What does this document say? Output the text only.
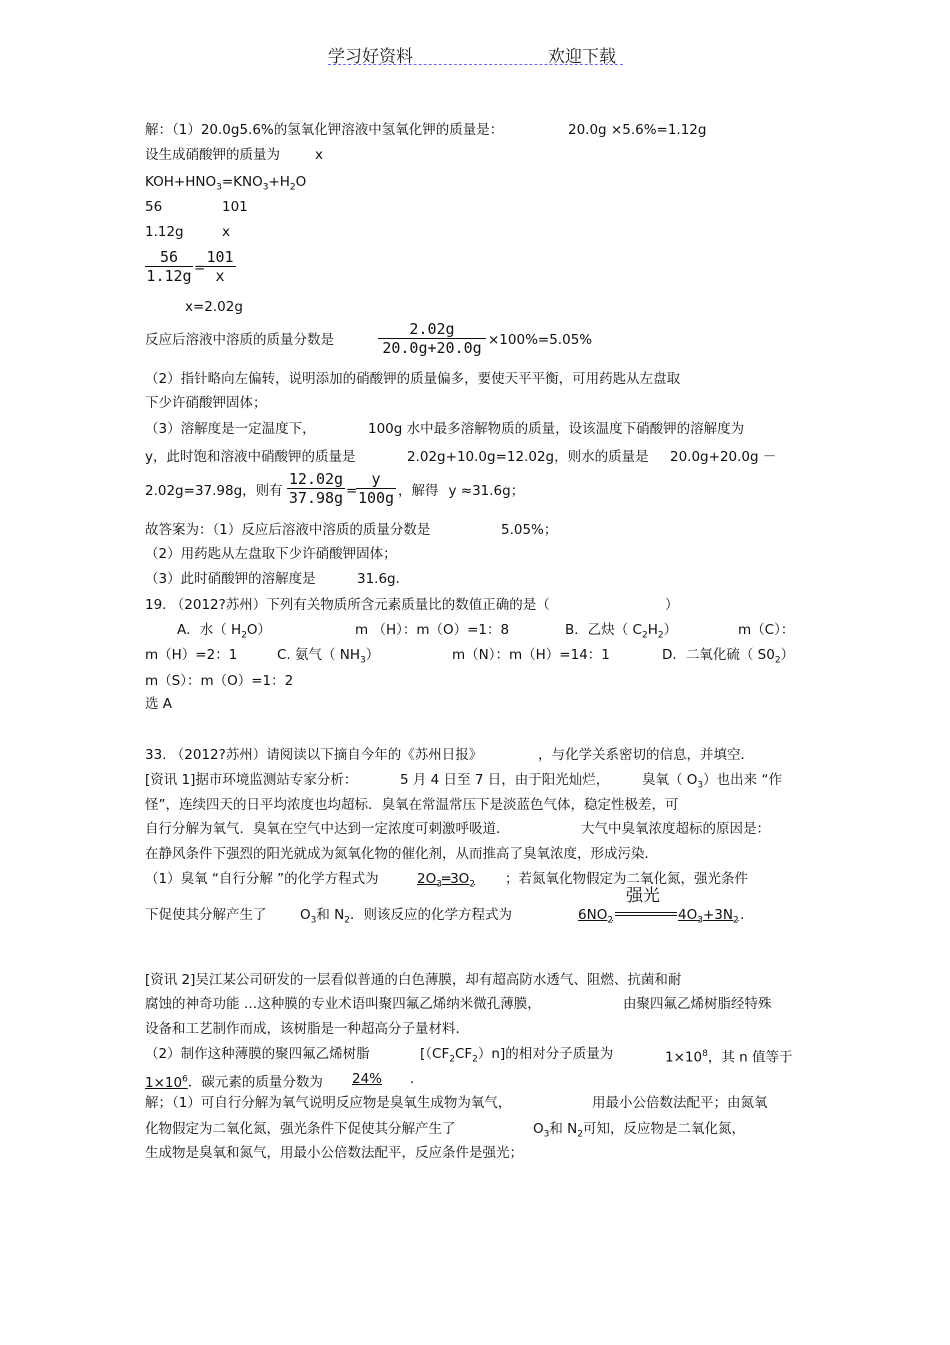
学习好资料	欢迎下载
解：（1）20.0g5.6%的氢氧化钾溶液中氢氧化钾的质量是：	20.0g ×5.6%=1.12g
设生成硝酸钾的质量为	x
$KOH+HNO_3=KNO_3+H_2O$
56	101
1.12g	x
56
1.12g =
101
x
x=2.02g
反应后溶液中溶质的质量分数是
2.02g
20.0g+20.0g ×100%=5.05%
（2）指针略向左偏转，说明添加的硝酸钾的质量偏多，要使天平平衡，可用药匙从左盘取
下少许硝酸钾固体；
（3）溶解度是一定温度下，	100g 水中最多溶解物质的质量，设该温度下硝酸钾的溶解度为
y，此时饱和溶液中硝酸钾的质量是	2.02g+10.0g=12.02g，则水的质量是 20.0g+20.0g －
2.02g=37.98g，则有
12.02g
37.98g =
y
100g ，解得 y ≈31.6g；
故答案为：（1）反应后溶液中溶质的质量分数是	5.05%；
（2）用药匙从左盘取下少许硝酸钾固体；
（3）此时硝酸钾的溶解度是	31.6g．
19. （2012?苏州）下列有关物质所含元素质量比的数值正确的是（	）
A．水（ $H_2O$）	m （H）：m（O）=1：8	B．乙炔（ $C_2H_2$）	m（C）：
m（H）=2：1	C. 氨气（ $NH_3$）	m（N）：m（H）=14：1	D．二氧化硫（ $S0_2$）
m（S）：m（O）=1：2
选 A
33. （2012?苏州）请阅读以下摘自今年的《苏州日报》	，与化学关系密切的信息，并填空．
[资讯 1]据市环境监测站专家分析：	5 月 4 日至 7 日，由于阳光灿烂， 臭氧（ $O_3$）也出来 “作
怪”，连续四天的日平均浓度也均超标．臭氧在常温常压下是淡蓝色气体，稳定性极差，可
自行分解为氧气．臭氧在空气中达到一定浓度可刺激呼吸道．	大气中臭氧浓度超标的原因是：
在静风条件下强烈的阳光就成为氮氧化物的催化剂，从而推高了臭氧浓度，形成污染．
（1）臭氧 “自行分解 ”的化学方程式为	$2O_3═3O_2$ ；若氮氧化物假定为二氧化氮，强光条件
下促使其分解产生了 $O_3$和 $N_2$．则该反应的化学方程式为	$6NO_2$
强光
$4O_3+3N_2$ .
[资讯 2]吴江某公司研发的一层看似普通的白色薄膜，却有超高防水透气、阻燃、抗菌和耐
腐蚀的神奇功能 …这种膜的专业术语叫聚四氟乙烯纳米微孔薄膜，	由聚四氟乙烯树脂经特殊
设备和工艺制作而成，该树脂是一种超高分子量材料．
（2）制作这种薄膜的聚四氟乙烯树脂	$[(CF_2CF_2)n]$的相对分子质量为	$1\times 10^8$，其 n 值等于
$1\times 10^6$．碳元素的质量分数为 24% ．
解；（1）可自行分解为氧气说明反应物是臭氧生成物为氧气，	用最小公倍数法配平；由氮氧
化物假定为二氧化氮，强光条件下促使其分解产生了	$O_3$和 $N_2$可知，反应物是二氧化氮，
生成物是臭氧和氮气，用最小公倍数法配平，反应条件是强光；
